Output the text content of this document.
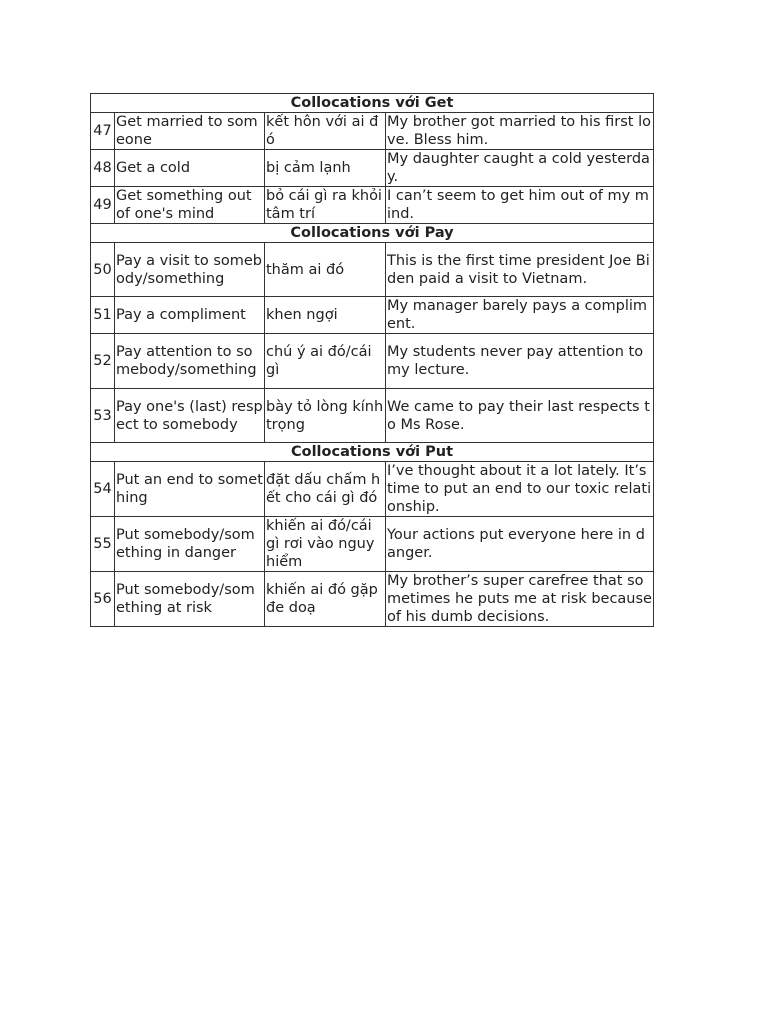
Collocations với Get			
47	Get married to someone	kết hôn với ai đó	My brother got married to his first love. Bless him.
48	Get a cold	bị cảm lạnh	My daughter caught a cold yesterday.
49	Get something out of one's mind	bỏ cái gì ra khỏi tâm trí	I can’t seem to get him out of my mind.
Collocations với Pay			
50	Pay a visit to somebody/something	thăm ai đó	This is the first time president Joe Biden paid a visit to Vietnam.
51	Pay a compliment	khen ngợi	My manager barely pays a compliment.
52	Pay attention to somebody/something	chú ý ai đó/cái gì	My students never pay attention to my lecture.
53	Pay one's (last) respect to somebody	bày tỏ lòng kính trọng	We came to pay their last respects to Ms Rose.
Collocations với Put			
54	Put an end to something	đặt dấu chấm hết cho cái gì đó	I’ve thought about it a lot lately. It’s time to put an end to our toxic relationship.
55	Put somebody/something in danger	khiến ai đó/cái gì rơi vào nguy hiểm	Your actions put everyone here in danger.
56	Put somebody/something at risk	khiến ai đó gặp đe doạ	My brother’s super carefree that sometimes he puts me at risk because of his dumb decisions.
